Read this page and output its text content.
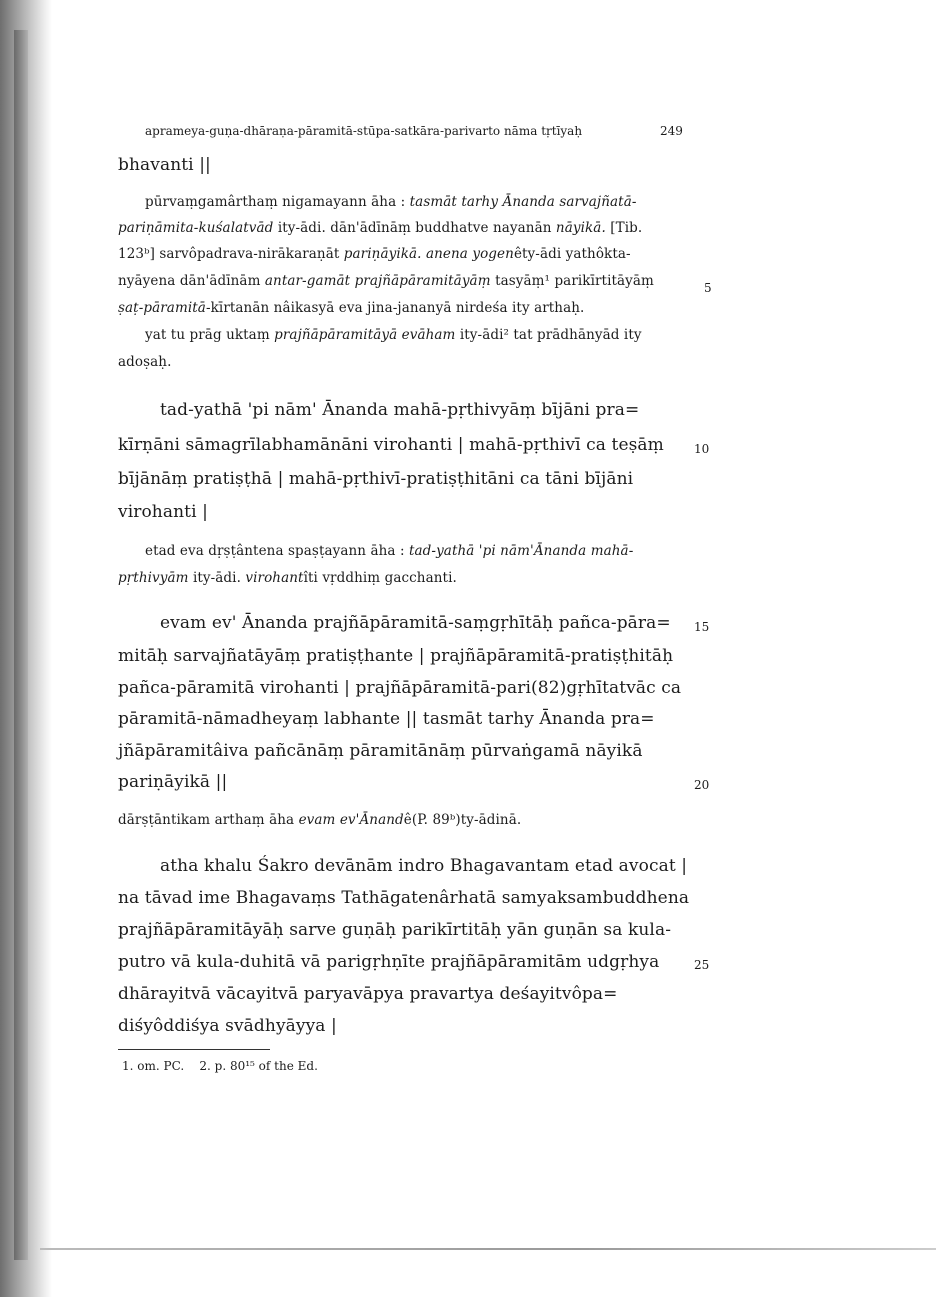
aprameya-guṇa-dhāraṇa-pāramitā-stūpa-satkāra-parivarto nāma tṛtīyaḥ	249
bhavanti ||
pūrvaṃgamârthaṃ nigamayann āha : tasmāt tarhy Ānanda sarvajñatā-
pariṇāmita-kuśalatvād ity-ādi. dān'ādīnāṃ buddhatve nayanān nāyikā. [Tib.
123ᵇ] sarvôpadrava-nirākaraṇāt pariṇāyikā. anena yogenêty-ādi yathôkta-
nyāyena dān'ādīnām antar-gamāt prajñāpāramitāyāṃ tasyāṃ¹ parikīrtitāyāṃ
ṣaṭ-pāramitā-kīrtanān nâikasyā eva jina-jananyā nirdeśa ity arthaḥ.
yat tu prāg uktaṃ prajñāpāramitāyā evāham ity-ādi² tat prādhānyād ity
adoṣaḥ.
tad-yathā 'pi nām' Ānanda mahā-pṛthivyāṃ bījāni pra=
kīrṇāni sāmagrīlabhamānāni virohanti | mahā-pṛthivī ca teṣāṃ
bījānāṃ pratiṣṭhā | mahā-pṛthivī-pratiṣṭhitāni ca tāni bījāni
virohanti |
etad eva dṛṣṭântena spaṣṭayann āha : tad-yathā 'pi nām'Ānanda mahā-
pṛthivyām ity-ādi. virohantîti vṛddhiṃ gacchanti.
evam ev' Ānanda prajñāpāramitā-saṃgṛhītāḥ pañca-pāra=
mitāḥ sarvajñatāyāṃ pratiṣṭhante | prajñāpāramitā-pratiṣṭhitāḥ
pañca-pāramitā virohanti | prajñāpāramitā-pari(82)gṛhītatvāc ca
pāramitā-nāmadheyaṃ labhante || tasmāt tarhy Ānanda pra=
jñāpāramitâiva pañcānāṃ pāramitānāṃ pūrvaṅgamā nāyikā
pariṇāyikā ||
dārṣṭāntikam arthaṃ āha evam ev'Ānandê(P. 89ᵇ)ty-ādinā.
atha khalu Śakro devānām indro Bhagavantam etad avocat |
na tāvad ime Bhagavaṃs Tathāgatenârhatā samyaksambuddhena
prajñāpāramitāyāḥ sarve guṇāḥ parikīrtitāḥ yān guṇān sa kula-
putro vā kula-duhitā vā parigṛhṇīte prajñāpāramitām udgṛhya
dhārayitvā vācayitvā paryavāpya pravartya deśayitvôpa=
diśyôddiśya svādhyāyya |
5
10
15
20
25
1. om. PC.    2. p. 80¹⁵ of the Ed.
